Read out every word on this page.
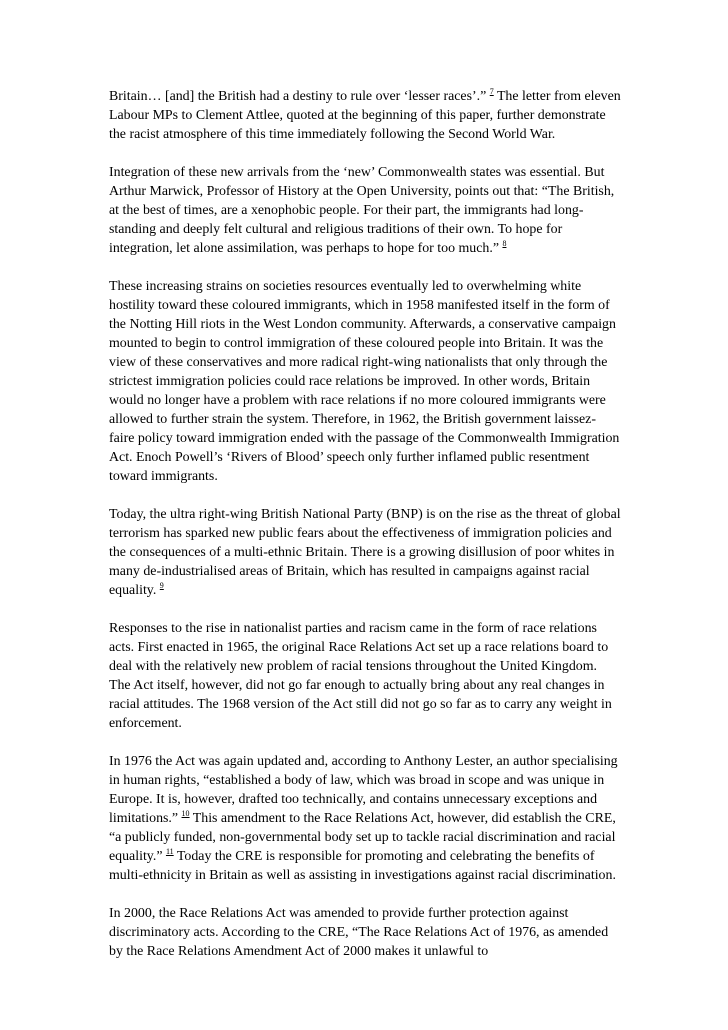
Britain… [and] the British had a destiny to rule over ‘lesser races’.” $^7$ The letter from eleven Labour MPs to Clement Attlee, quoted at the beginning of this paper, further demonstrate the racist atmosphere of this time immediately following the Second World War.

Integration of these new arrivals from the ‘new’ Commonwealth states was essential. But Arthur Marwick, Professor of History at the Open University, points out that: “The British, at the best of times, are a xenophobic people. For their part, the immigrants had long-standing and deeply felt cultural and religious traditions of their own. To hope for integration, let alone assimilation, was perhaps to hope for too much.” $^8$

These increasing strains on societies resources eventually led to overwhelming white hostility toward these coloured immigrants, which in 1958 manifested itself in the form of the Notting Hill riots in the West London community. Afterwards, a conservative campaign mounted to begin to control immigration of these coloured people into Britain. It was the view of these conservatives and more radical right-wing nationalists that only through the strictest immigration policies could race relations be improved. In other words, Britain would no longer have a problem with race relations if no more coloured immigrants were allowed to further strain the system. Therefore, in 1962, the British government laissez-faire policy toward immigration ended with the passage of the Commonwealth Immigration Act. Enoch Powell’s ‘Rivers of Blood’ speech only further inflamed public resentment toward immigrants.

Today, the ultra right-wing British National Party (BNP) is on the rise as the threat of global terrorism has sparked new public fears about the effectiveness of immigration policies and the consequences of a multi-ethnic Britain. There is a growing disillusion of poor whites in many de-industrialised areas of Britain, which has resulted in campaigns against racial equality. $^9$

Responses to the rise in nationalist parties and racism came in the form of race relations acts. First enacted in 1965, the original Race Relations Act set up a race relations board to deal with the relatively new problem of racial tensions throughout the United Kingdom. The Act itself, however, did not go far enough to actually bring about any real changes in racial attitudes. The 1968 version of the Act still did not go so far as to carry any weight in enforcement.

In 1976 the Act was again updated and, according to Anthony Lester, an author specialising in human rights, “established a body of law, which was broad in scope and was unique in Europe. It is, however, drafted too technically, and contains unnecessary exceptions and limitations.” $^{10}$ This amendment to the Race Relations Act, however, did establish the CRE, “a publicly funded, non-governmental body set up to tackle racial discrimination and racial equality.” $^{11}$ Today the CRE is responsible for promoting and celebrating the benefits of multi-ethnicity in Britain as well as assisting in investigations against racial discrimination.

In 2000, the Race Relations Act was amended to provide further protection against discriminatory acts. According to the CRE, “The Race Relations Act of 1976, as amended by the Race Relations Amendment Act of 2000 makes it unlawful to
